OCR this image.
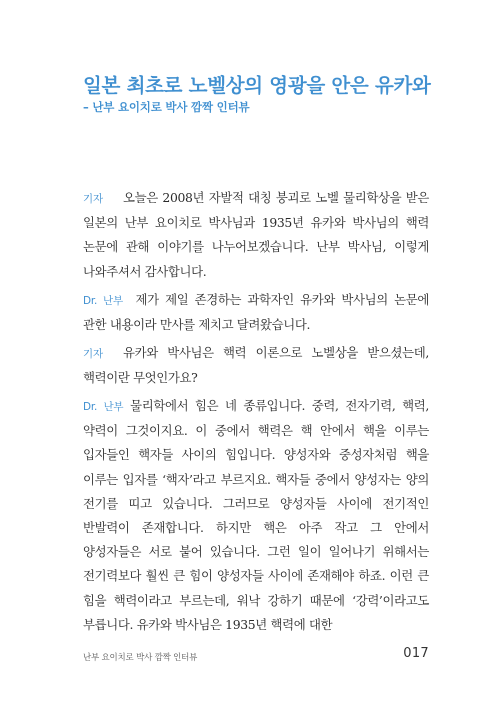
일본 최초로 노벨상의 영광을 안은 유카와
– 난부 요이치로 박사 깜짝 인터뷰

기자 오늘은 2008년 자발적 대칭 붕괴로 노벨 물리학상을 받은 일본의 난부 요이치로 박사님과 1935년 유카와 박사님의 핵력 논문에 관해 이야기를 나누어보겠습니다. 난부 박사님, 이렇게 나와주셔서 감사합니다.

Dr. 난부 제가 제일 존경하는 과학자인 유카와 박사님의 논문에 관한 내용이라 만사를 제치고 달려왔습니다.

기자 유카와 박사님은 핵력 이론으로 노벨상을 받으셨는데, 핵력이란 무엇인가요?

Dr. 난부 물리학에서 힘은 네 종류입니다. 중력, 전자기력, 핵력, 약력이 그것이지요. 이 중에서 핵력은 핵 안에서 핵을 이루는 입자들인 핵자들 사이의 힘입니다. 양성자와 중성자처럼 핵을 이루는 입자를 ‘핵자’라고 부르지요. 핵자들 중에서 양성자는 양의 전기를 띠고 있습니다. 그러므로 양성자들 사이에 전기적인 반발력이 존재합니다. 하지만 핵은 아주 작고 그 안에서 양성자들은 서로 붙어 있습니다. 그런 일이 일어나기 위해서는 전기력보다 훨씬 큰 힘이 양성자들 사이에 존재해야 하죠. 이런 큰 힘을 핵력이라고 부르는데, 워낙 강하기 때문에 ‘강력’이라고도 부릅니다. 유카와 박사님은 1935년 핵력에 대한

난부 요이치로 박사 깜짝 인터뷰	017
